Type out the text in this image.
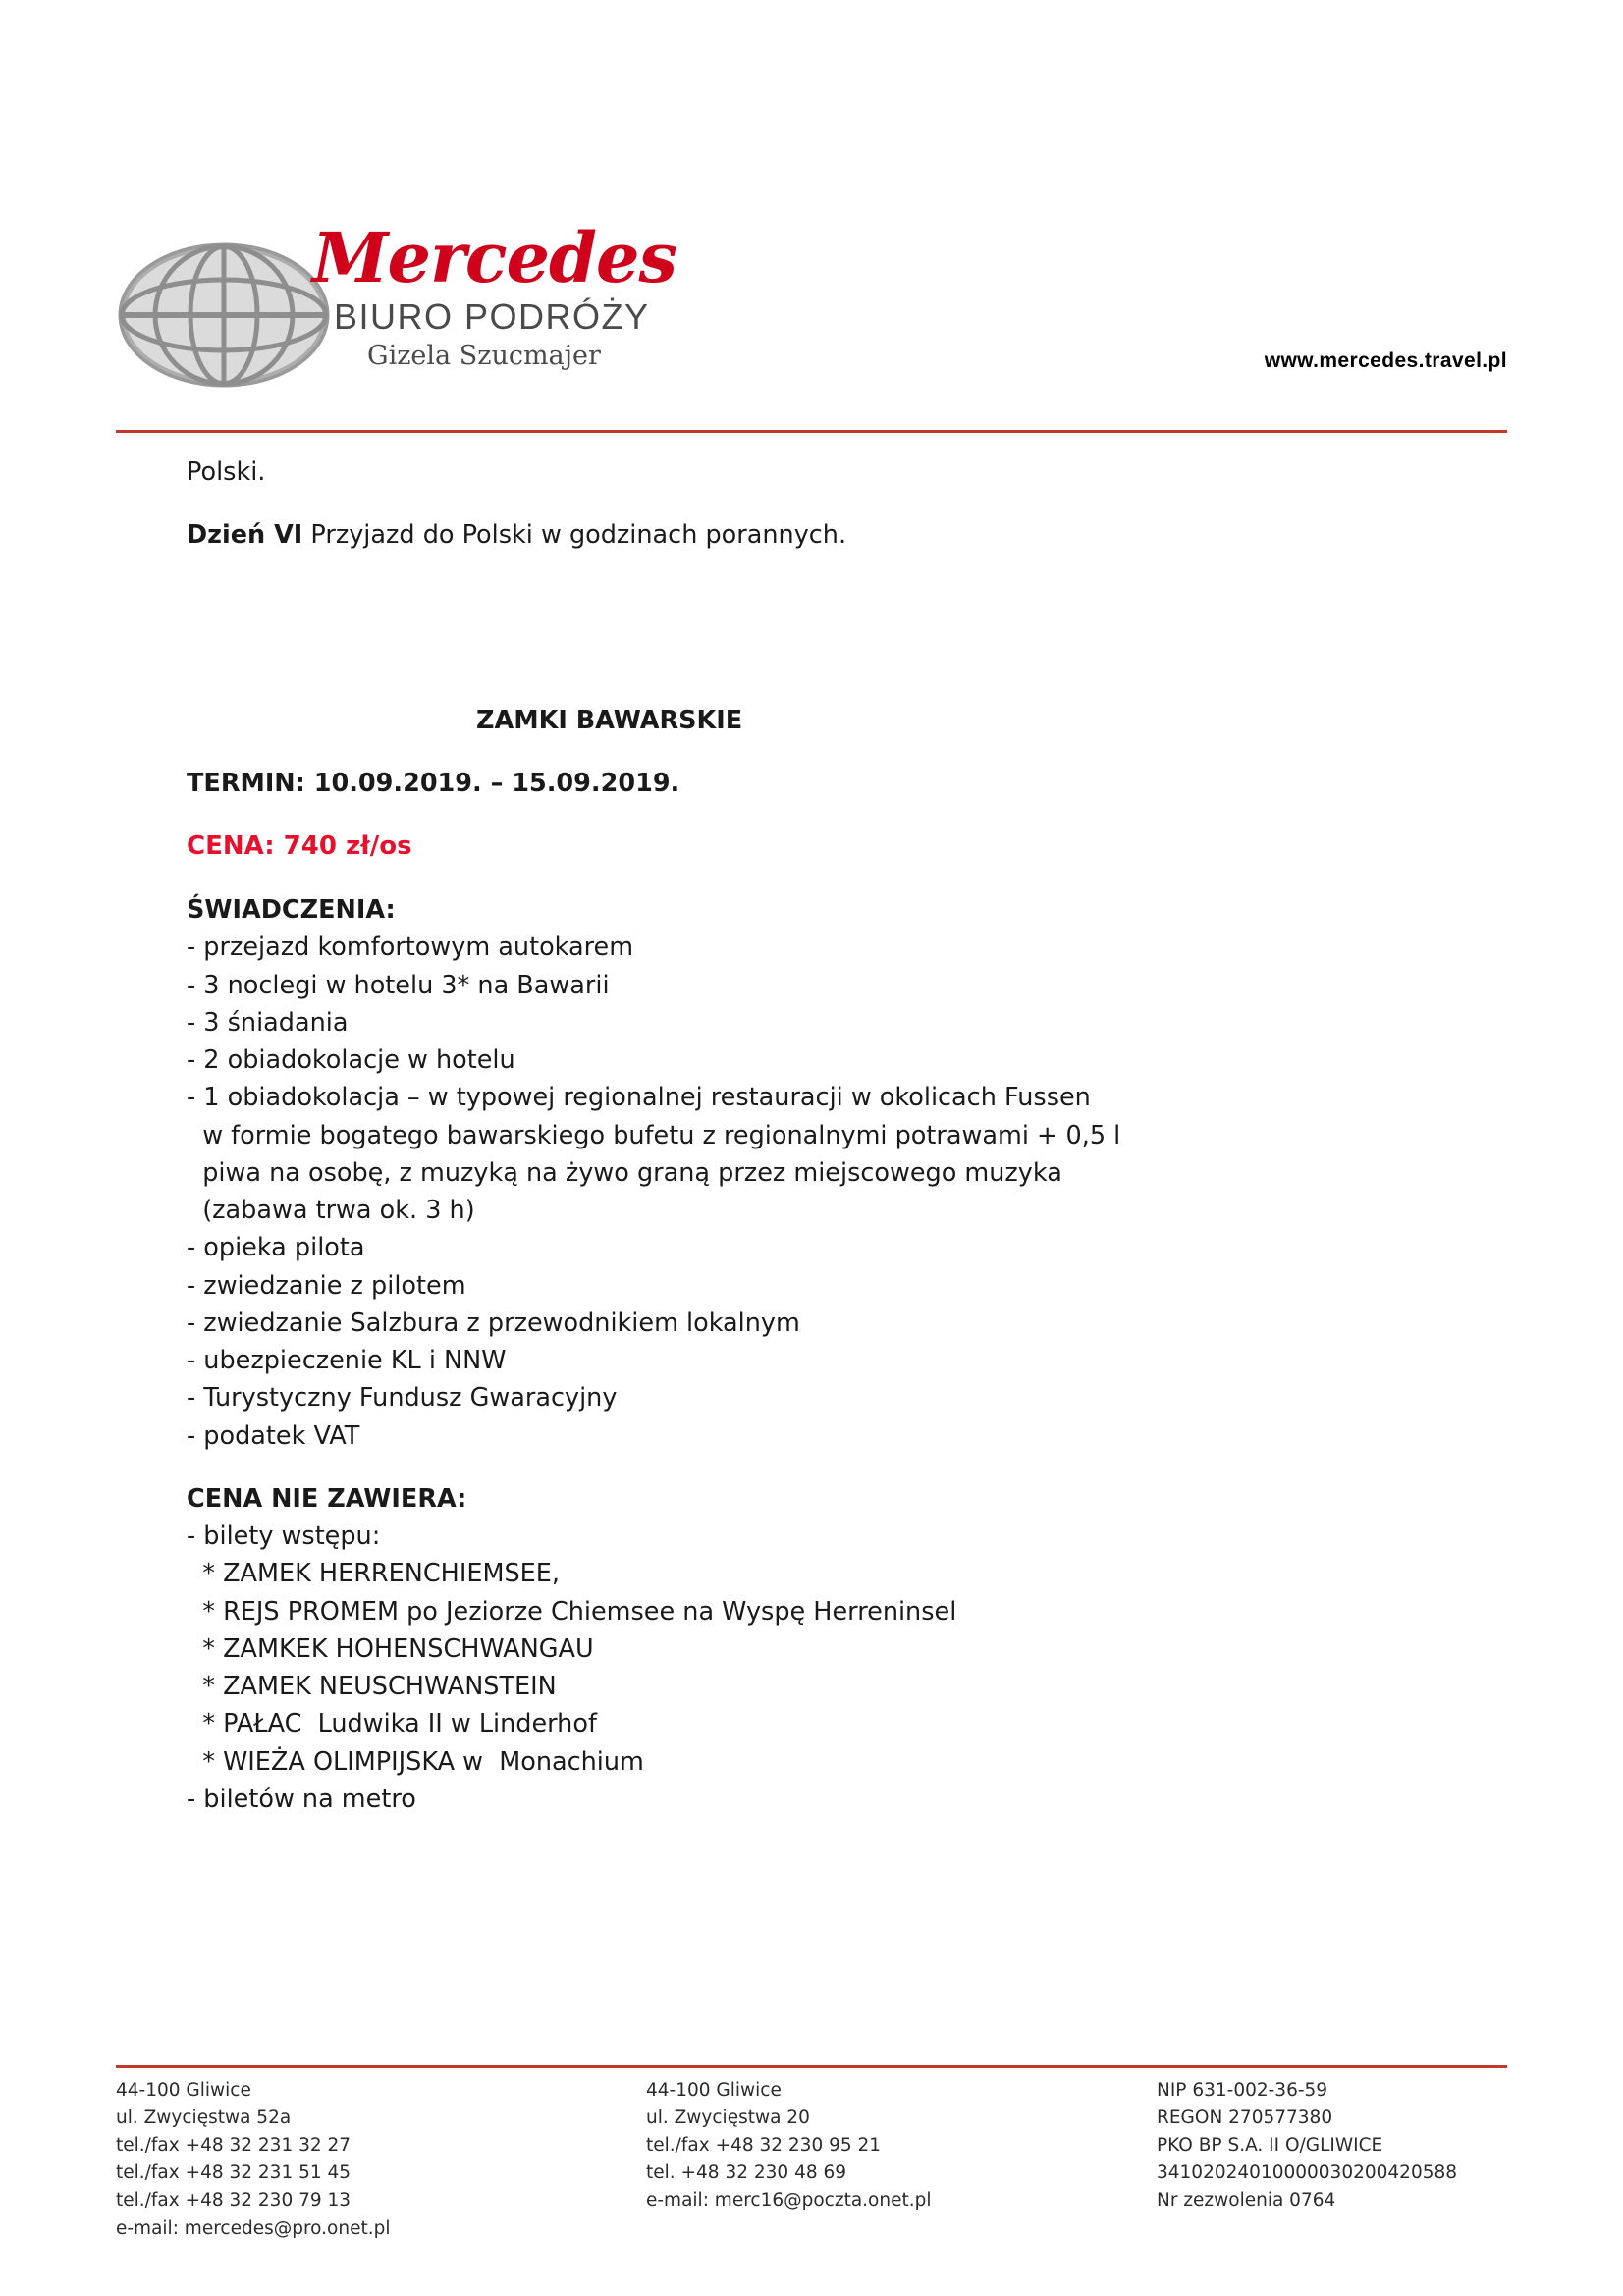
Mercedes
BIURO PODRÓŻY
Gizela Szucmajer	www.mercedes.travel.pl
Polski.
Dzień VI Przyjazd do Polski w godzinach porannych.
ZAMKI BAWARSKIE
TERMIN: 10.09.2019. – 15.09.2019.
CENA: 740 zł/os
ŚWIADCZENIA:
- przejazd komfortowym autokarem
- 3 noclegi w hotelu 3* na Bawarii
- 3 śniadania
- 2 obiadokolacje w hotelu
- 1 obiadokolacja – w typowej regionalnej restauracji w okolicach Fussen
w formie bogatego bawarskiego bufetu z regionalnymi potrawami + 0,5 l
piwa na osobę, z muzyką na żywo graną przez miejscowego muzyka
(zabawa trwa ok. 3 h)
- opieka pilota
- zwiedzanie z pilotem
- zwiedzanie Salzbura z przewodnikiem lokalnym
- ubezpieczenie KL i NNW
- Turystyczny Fundusz Gwaracyjny
- podatek VAT
CENA NIE ZAWIERA:
- bilety wstępu:
* ZAMEK HERRENCHIEMSEE,
* REJS PROMEM po Jeziorze Chiemsee na Wyspę Herreninsel
* ZAMKEK HOHENSCHWANGAU
* ZAMEK NEUSCHWANSTEIN
* PAŁAC  Ludwika II w Linderhof
* WIEŻA OLIMPIJSKA w  Monachium
- biletów na metro
44-100 Gliwice
ul. Zwycięstwa 52a
tel./fax +48 32 231 32 27
tel./fax +48 32 231 51 45
tel./fax +48 32 230 79 13
e-mail: mercedes@pro.onet.pl
44-100 Gliwice
ul. Zwycięstwa 20
tel./fax +48 32 230 95 21
tel. +48 32 230 48 69
e-mail: merc16@poczta.onet.pl
NIP 631-002-36-59
REGON 270577380
PKO BP S.A. II O/GLIWICE
34102024010000030200420588
Nr zezwolenia 0764
